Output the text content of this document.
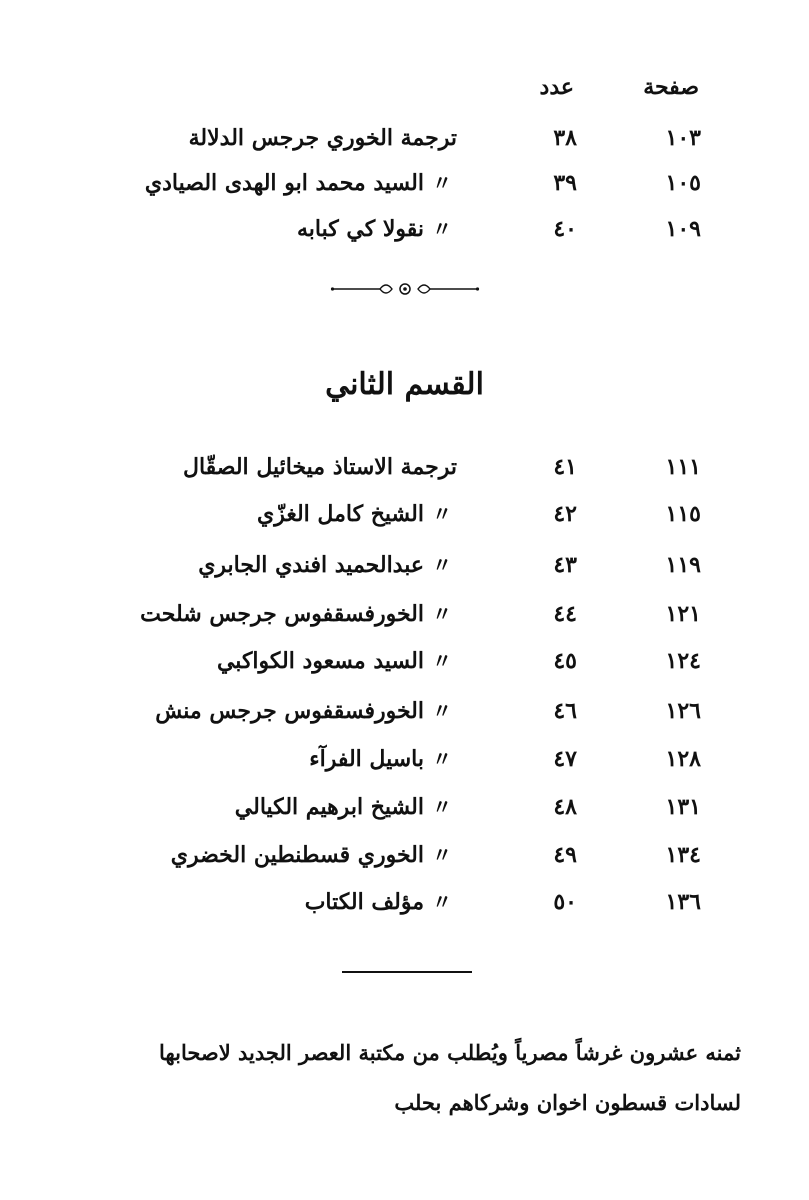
صفحة
عدد
١٠٣
٣٨
ترجمة الخوري جرجس الدلالة
١٠٥
٣٩
〃
السيد محمد ابو الهدى الصيادي
١٠٩
٤٠
〃
نقولا كي كبابه
القسم الثاني
١١١
٤١
ترجمة الاستاذ ميخائيل الصقّال
١١٥
٤٢
〃
الشيخ كامل الغزّي
١١٩
٤٣
〃
عبدالحميد افندي الجابري
١٢١
٤٤
〃
الخورفسقفوس جرجس شلحت
١٢٤
٤٥
〃
السيد مسعود الكواكبي
١٢٦
٤٦
〃
الخورفسقفوس جرجس منش
١٢٨
٤٧
〃
باسيل الفرآء
١٣١
٤٨
〃
الشيخ ابرهيم الكيالي
١٣٤
٤٩
〃
الخوري قسطنطين الخضري
١٣٦
٥٠
〃
مؤلف الكتاب
ثمنه عشرون غرشاً مصرياً ويُطلب من مكتبة العصر الجديد لاصحابها
لسادات قسطون اخوان وشركاهم بحلب
